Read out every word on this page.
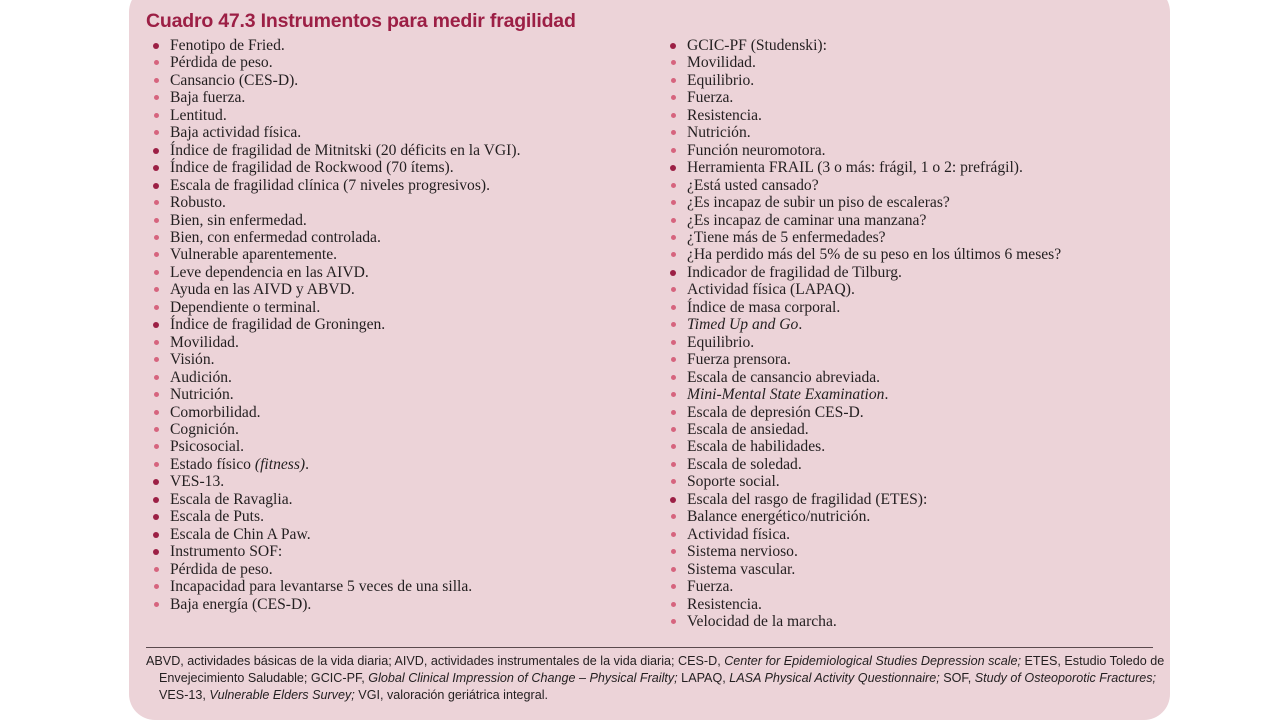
Cuadro 47.3 Instrumentos para medir fragilidad
Fenotipo de Fried.
Pérdida de peso.
Cansancio (CES-D).
Baja fuerza.
Lentitud.
Baja actividad física.
Índice de fragilidad de Mitnitski (20 déficits en la VGI).
Índice de fragilidad de Rockwood (70 ítems).
Escala de fragilidad clínica (7 niveles progresivos).
Robusto.
Bien, sin enfermedad.
Bien, con enfermedad controlada.
Vulnerable aparentemente.
Leve dependencia en las AIVD.
Ayuda en las AIVD y ABVD.
Dependiente o terminal.
Índice de fragilidad de Groningen.
Movilidad.
Visión.
Audición.
Nutrición.
Comorbilidad.
Cognición.
Psicosocial.
Estado físico (fitness).
VES-13.
Escala de Ravaglia.
Escala de Puts.
Escala de Chin A Paw.
Instrumento SOF:
Pérdida de peso.
Incapacidad para levantarse 5 veces de una silla.
Baja energía (CES-D).
GCIC-PF (Studenski):
Movilidad.
Equilibrio.
Fuerza.
Resistencia.
Nutrición.
Función neuromotora.
Herramienta FRAIL (3 o más: frágil, 1 o 2: prefrágil).
¿Está usted cansado?
¿Es incapaz de subir un piso de escaleras?
¿Es incapaz de caminar una manzana?
¿Tiene más de 5 enfermedades?
¿Ha perdido más del 5% de su peso en los últimos 6 meses?
Indicador de fragilidad de Tilburg.
Actividad física (LAPAQ).
Índice de masa corporal.
Timed Up and Go.
Equilibrio.
Fuerza prensora.
Escala de cansancio abreviada.
Mini-Mental State Examination.
Escala de depresión CES-D.
Escala de ansiedad.
Escala de habilidades.
Escala de soledad.
Soporte social.
Escala del rasgo de fragilidad (ETES):
Balance energético/nutrición.
Actividad física.
Sistema nervioso.
Sistema vascular.
Fuerza.
Resistencia.
Velocidad de la marcha.

ABVD, actividades básicas de la vida diaria; AIVD, actividades instrumentales de la vida diaria; CES-D, Center for Epidemiological Studies Depression scale; ETES, Estudio Toledo de Envejecimiento Saludable; GCIC-PF, Global Clinical Impression of Change – Physical Frailty; LAPAQ, LASA Physical Activity Questionnaire; SOF, Study of Osteoporotic Fractures; VES-13, Vulnerable Elders Survey; VGI, valoración geriátrica integral.
